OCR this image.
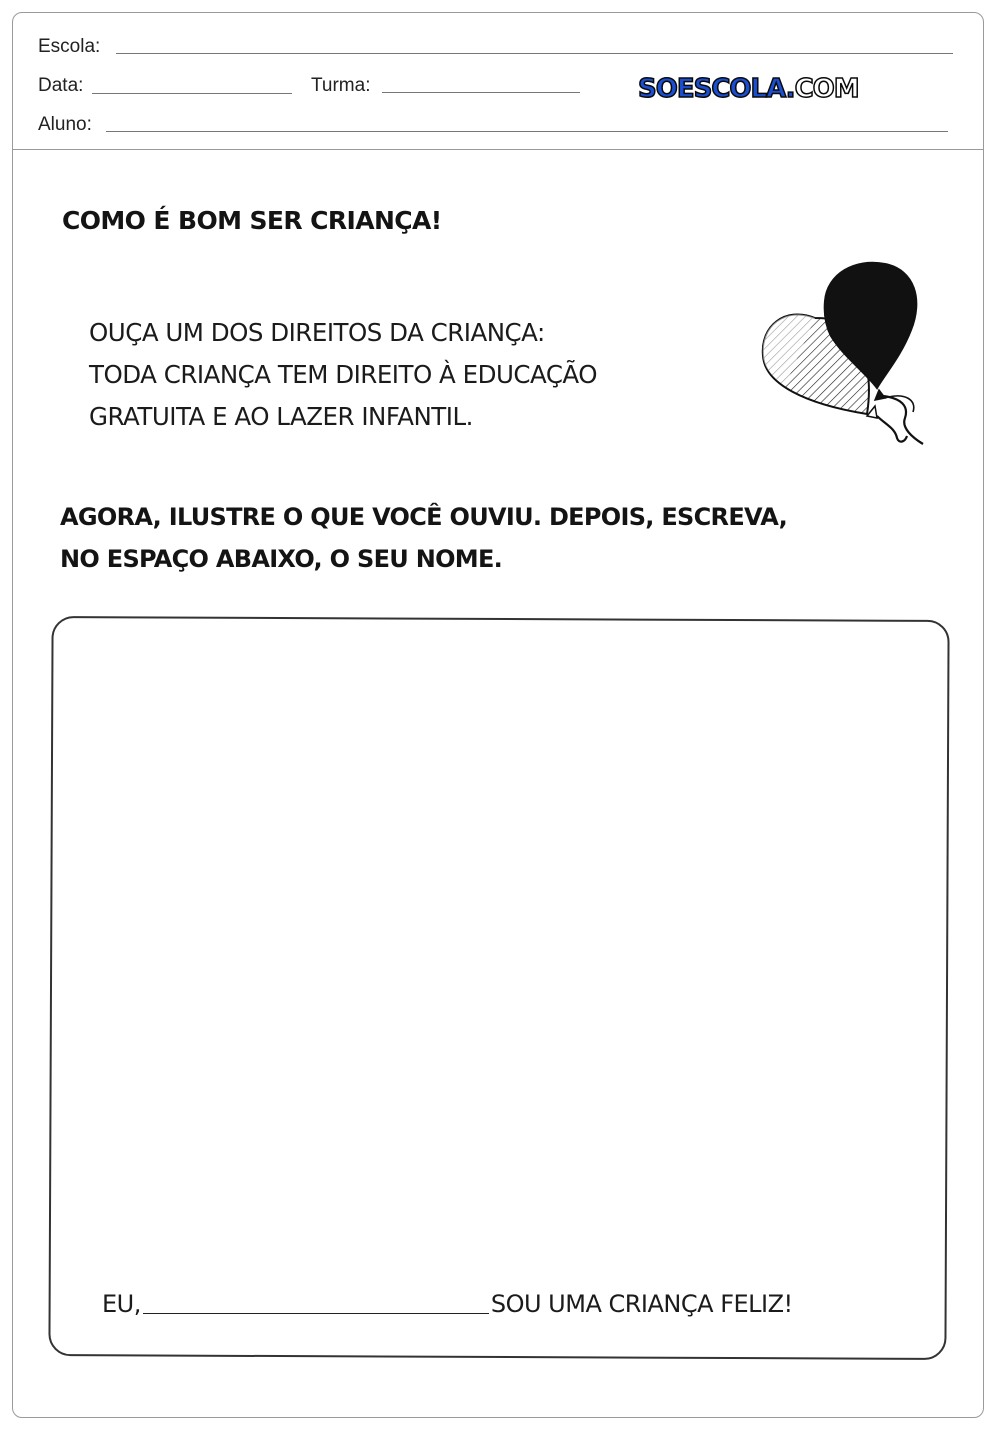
Escola:
Data:	Turma:
Aluno:
SOESCOLA.COM
COMO É BOM SER CRIANÇA!
OUÇA UM DOS DIREITOS DA CRIANÇA:
TODA CRIANÇA TEM DIREITO À EDUCAÇÃO
GRATUITA E AO LAZER INFANTIL.
AGORA, ILUSTRE O QUE VOCÊ OUVIU. DEPOIS, ESCREVA,
NO ESPAÇO ABAIXO, O SEU NOME.
EU,	SOU UMA CRIANÇA FELIZ!
